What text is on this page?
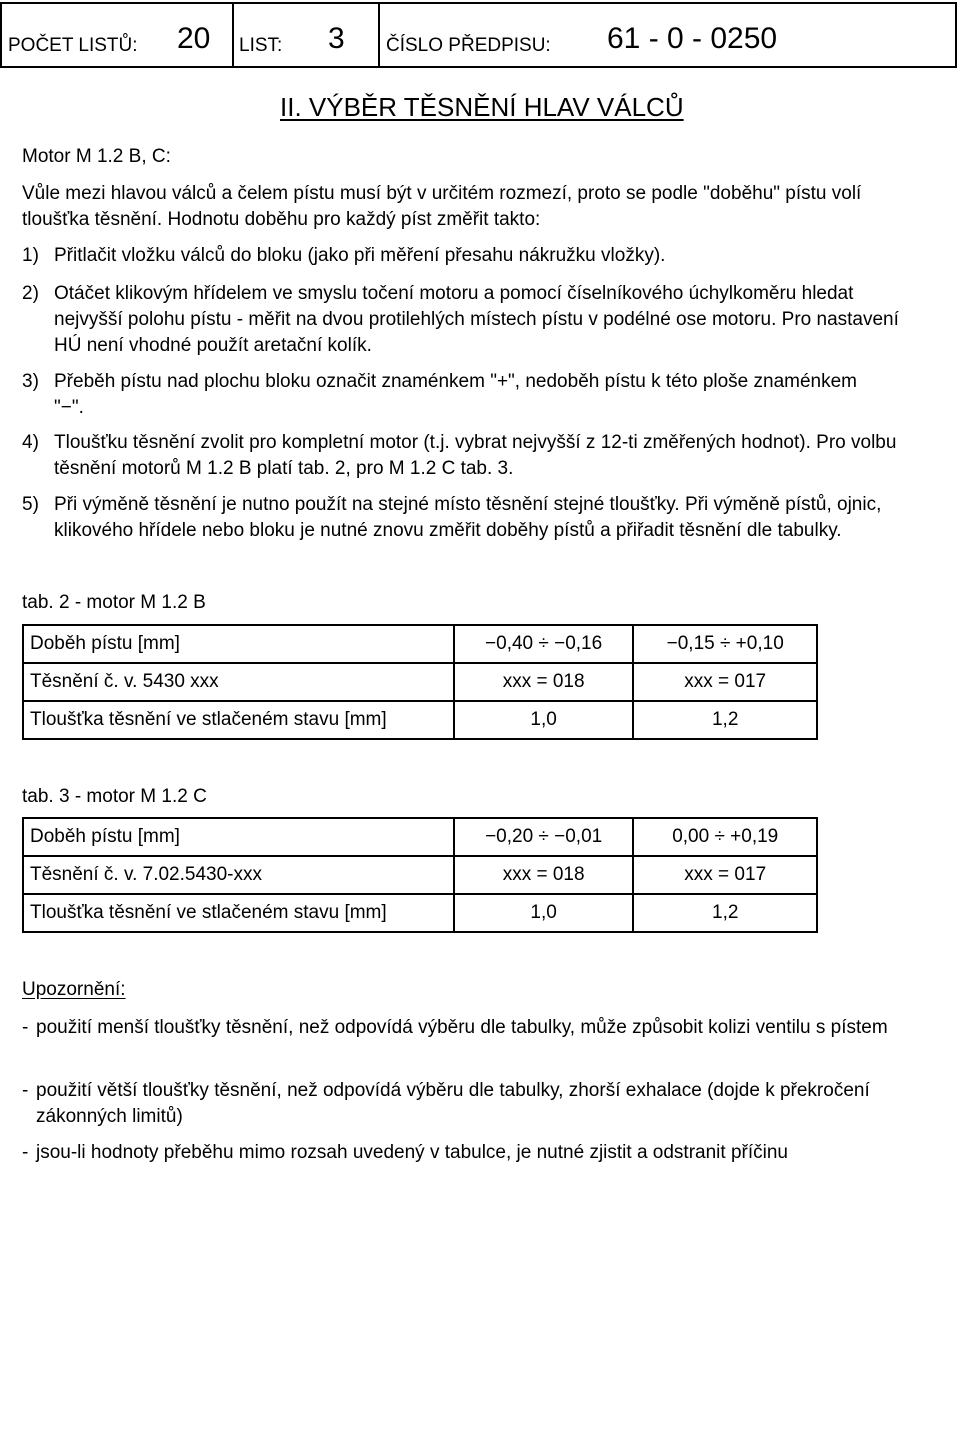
POČET LISTŮ: 20 LIST: 3 ČÍSLO PŘEDPISU: 61 - 0 - 0250
II. VÝBĚR TĚSNĚNÍ HLAV VÁLCŮ
Motor M 1.2 B, C:
Vůle mezi hlavou válců a čelem pístu musí být v určitém rozmezí, proto se podle "doběhu" pístu volí tloušťka těsnění. Hodnotu doběhu pro každý píst změřit takto:
1) Přitlačit vložku válců do bloku (jako při měření přesahu nákružku vložky).
2) Otáčet klikovým hřídelem ve smyslu točení motoru a pomocí číselníkového úchylkoměru hledat nejvyšší polohu pístu - měřit na dvou protilehlých místech pístu v podélné ose motoru. Pro nastavení HÚ není vhodné použít aretační kolík.
3) Přeběh pístu nad plochu bloku označit znaménkem "+", nedoběh pístu k této ploše znaménkem "−".
4) Tloušťku těsnění zvolit pro kompletní motor (t.j. vybrat nejvyšší z 12-ti změřených hodnot). Pro volbu těsnění motorů M 1.2 B platí tab. 2, pro M 1.2 C tab. 3.
5) Při výměně těsnění je nutno použít na stejné místo těsnění stejné tloušťky. Při výměně pístů, ojnic, klikového hřídele nebo bloku je nutné znovu změřit doběhy pístů a přiřadit těsnění dle tabulky.
tab. 2 - motor M 1.2 B
Doběh pístu [mm]	−0,40 ÷ −0,16	−0,15 ÷ +0,10
Těsnění č. v. 5430 xxx	xxx = 018	xxx = 017
Tloušťka těsnění ve stlačeném stavu [mm]	1,0	1,2
tab. 3 - motor M 1.2 C
Doběh pístu [mm]	−0,20 ÷ −0,01	0,00 ÷ +0,19
Těsnění č. v. 7.02.5430-xxx	xxx = 018	xxx = 017
Tloušťka těsnění ve stlačeném stavu [mm]	1,0	1,2
Upozornění:
- použití menší tloušťky těsnění, než odpovídá výběru dle tabulky, může způsobit kolizi ventilu s pístem
- použití větší tloušťky těsnění, než odpovídá výběru dle tabulky, zhorší exhalace (dojde k překročení zákonných limitů)
- jsou-li hodnoty přeběhu mimo rozsah uvedený v tabulce, je nutné zjistit a odstranit příčinu
